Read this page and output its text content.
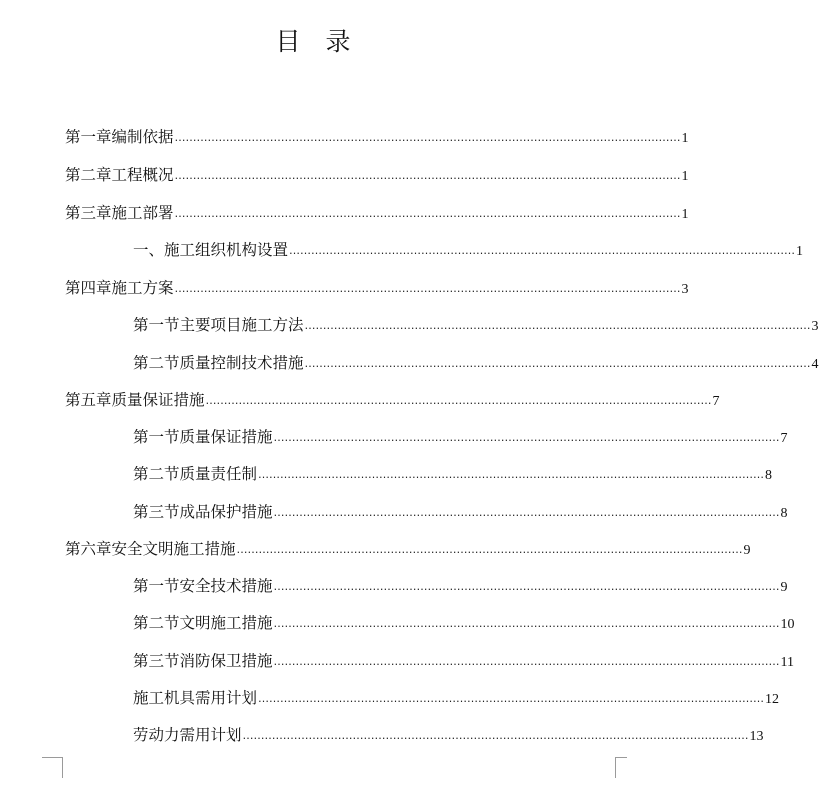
目　录
第一章 编制依据 ………………………………………………………………………………………………………………………… 1
第二章 工程概况 ………………………………………………………………………………………………………………………… 1
第三章 施工部署 ………………………………………………………………………………………………………………………… 1
一、施工组织机构设置 ………………………………………………………………………………………………………………………… 1
第四章 施工方案 ………………………………………………………………………………………………………………………… 3
第一节 主要项目施工方法 ………………………………………………………………………………………………………………………… 3
第二节 质量控制技术措施 ………………………………………………………………………………………………………………………… 4
第五章 质量保证措施 ………………………………………………………………………………………………………………………… 7
第一节 质量保证措施 ………………………………………………………………………………………………………………………… 7
第二节 质量责任制 ………………………………………………………………………………………………………………………… 8
第三节 成品保护措施 ………………………………………………………………………………………………………………………… 8
第六章 安全文明施工措施 ………………………………………………………………………………………………………………………… 9
第一节 安全技术措施 ………………………………………………………………………………………………………………………… 9
第二节 文明施工措施 ………………………………………………………………………………………………………………………… 10
第三节 消防保卫措施 ………………………………………………………………………………………………………………………… 11
施工机具需用计划 ………………………………………………………………………………………………………………………… 12
劳动力需用计划 ………………………………………………………………………………………………………………………… 13
